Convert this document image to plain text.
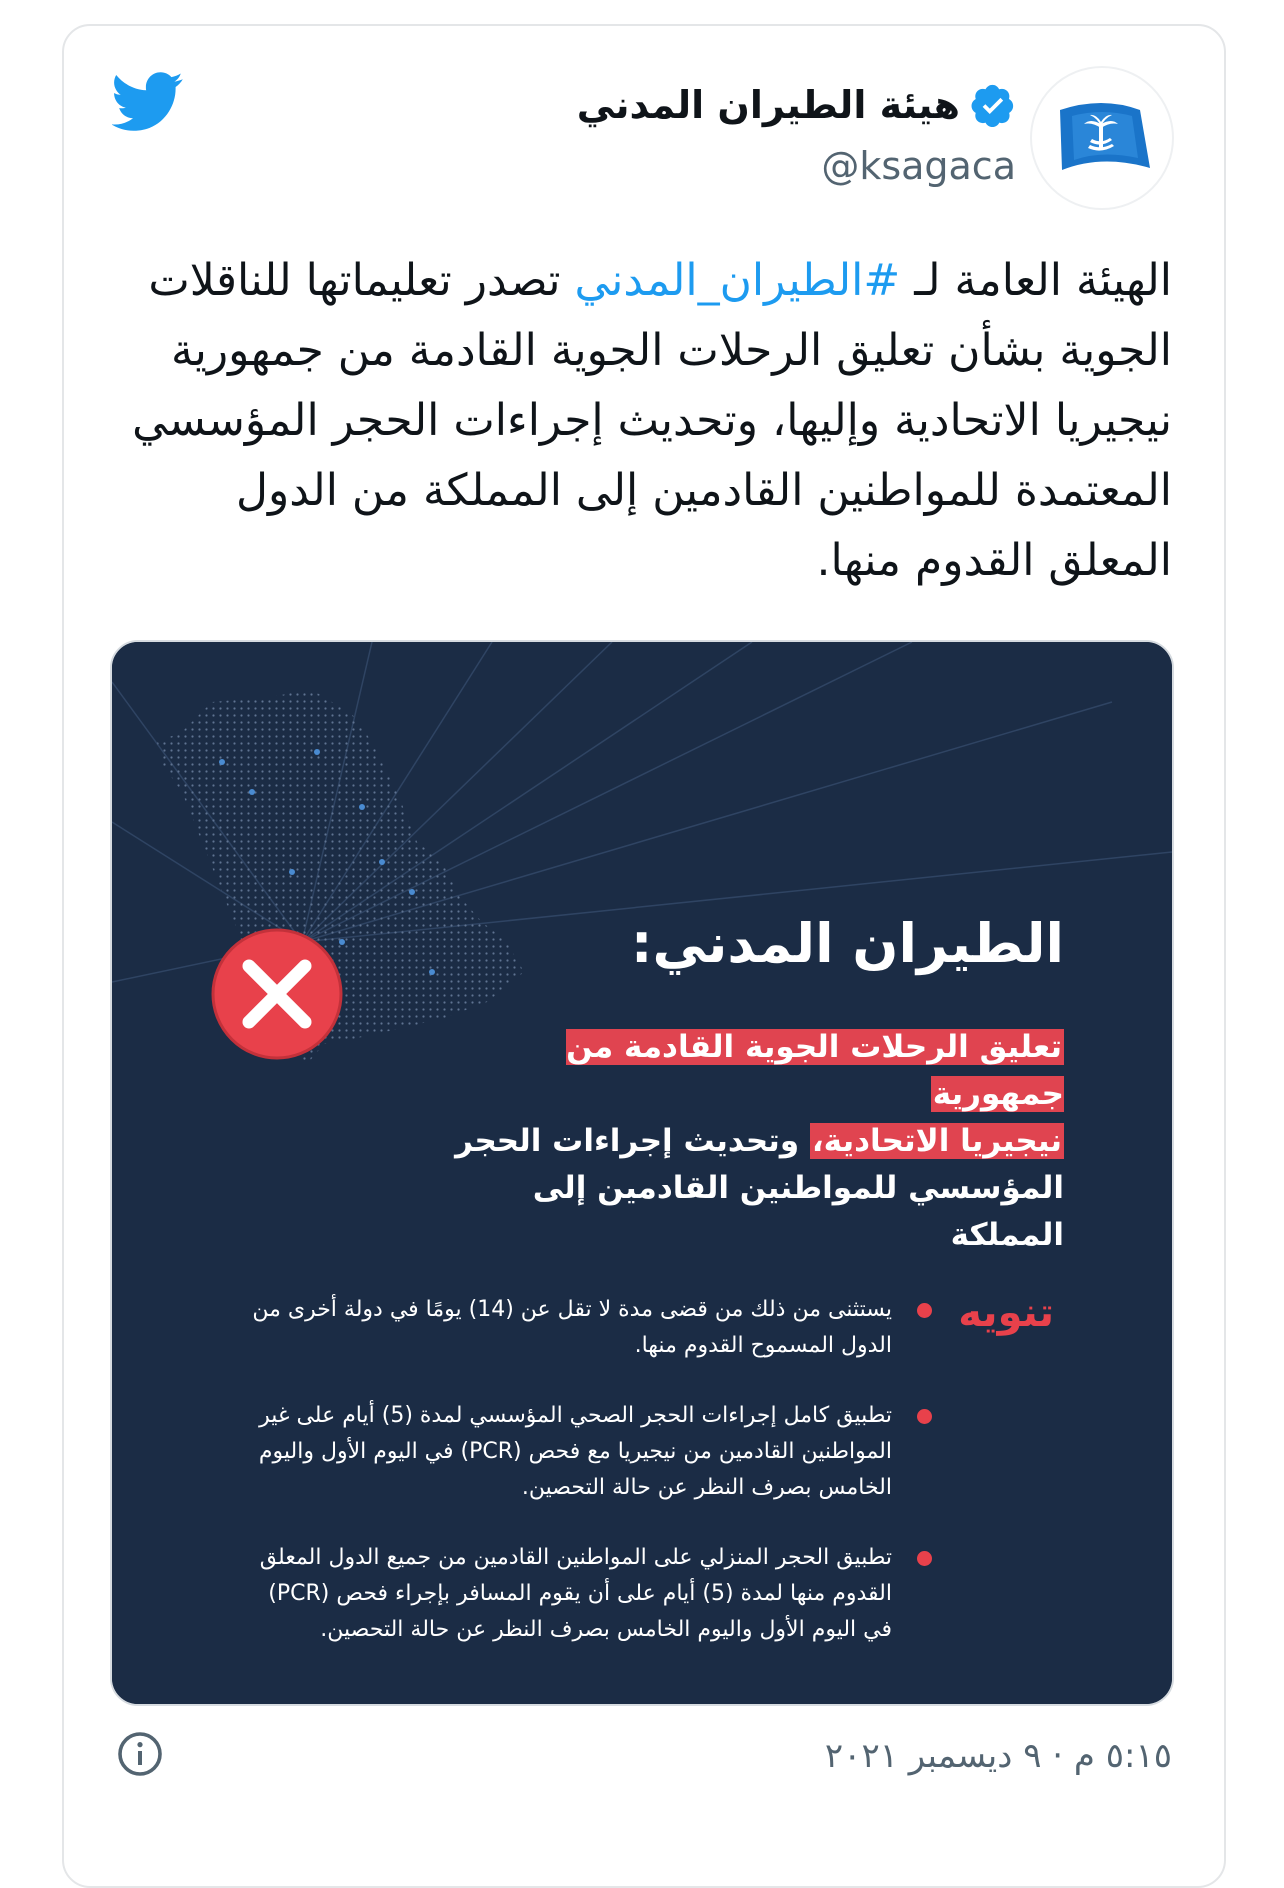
هيئة الطيران المدني
@ksagaca
الهيئة العامة لـ #الطيران_المدني تصدر تعليماتها للناقلات الجوية بشأن تعليق الرحلات الجوية القادمة من جمهورية نيجيريا الاتحادية وإليها، وتحديث إجراءات الحجر المؤسسي المعتمدة للمواطنين القادمين إلى المملكة من الدول المعلق القدوم منها.
الطيران المدني:
تعليق الرحلات الجوية القادمة من جمهورية
نيجيريا الاتحادية، وتحديث إجراءات الحجر
المؤسسي للمواطنين القادمين إلى المملكة
تنويه
يستثنى من ذلك من قضى مدة لا تقل عن (14) يومًا في دولة أخرى من الدول المسموح القدوم منها.
تطبيق كامل إجراءات الحجر الصحي المؤسسي لمدة (5) أيام على غير المواطنين القادمين من نيجيريا مع فحص (PCR) في اليوم الأول واليوم الخامس بصرف النظر عن حالة التحصين.
تطبيق الحجر المنزلي على المواطنين القادمين من جميع الدول المعلق القدوم منها لمدة (5) أيام على أن يقوم المسافر بإجراء فحص (PCR) في اليوم الأول واليوم الخامس بصرف النظر عن حالة التحصين.
٥:١٥ م · ٩ ديسمبر ٢٠٢١
